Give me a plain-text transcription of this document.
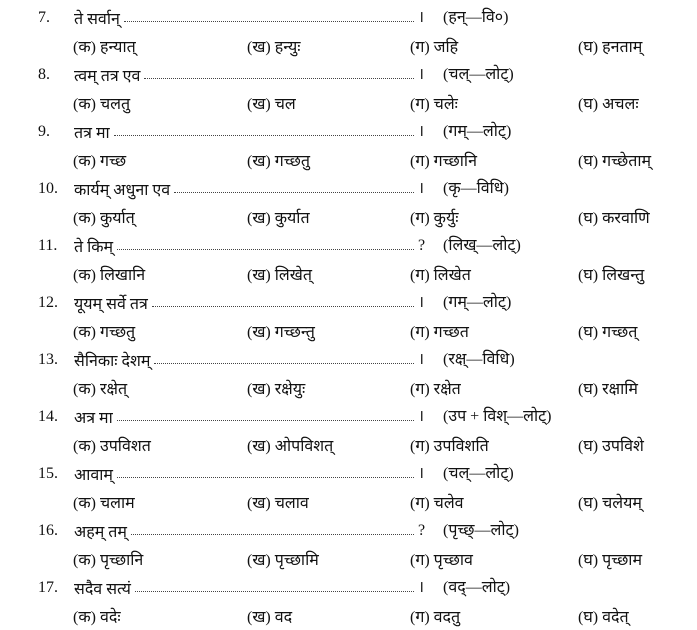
7.	ते सर्वान्	। (हन्—वि०)
(क) हन्यात्	(ख) हन्युः	(ग) जहि	(घ) हनताम्
8.	त्वम् तत्र एव	। (चल्—लोट्)
(क) चलतु	(ख) चल	(ग) चलेः	(घ) अचलः
9.	तत्र मा	। (गम्—लोट्)
(क) गच्छ	(ख) गच्छतु	(ग) गच्छानि	(घ) गच्छेताम्
10.	कार्यम् अधुना एव	। (कृ—विधि)
(क) कुर्यात्	(ख) कुर्यात	(ग) कुर्युः	(घ) करवाणि
11.	ते किम्	? (लिख्—लोट्)
(क) लिखानि	(ख) लिखेत्	(ग) लिखेत	(घ) लिखन्तु
12.	यूयम् सर्वे तत्र	। (गम्—लोट्)
(क) गच्छतु	(ख) गच्छन्तु	(ग) गच्छत	(घ) गच्छत्
13.	सैनिकाः देशम्	। (रक्ष्—विधि)
(क) रक्षेत्	(ख) रक्षेयुः	(ग) रक्षेत	(घ) रक्षामि
14.	अत्र मा	। (उप + विश्—लोट्)
(क) उपविशत	(ख) ओपविशत्	(ग) उपविशति	(घ) उपविशे
15.	आवाम्	। (चल्—लोट्)
(क) चलाम	(ख) चलाव	(ग) चलेव	(घ) चलेयम्
16.	अहम् तम्	? (पृच्छ्—लोट्)
(क) पृच्छानि	(ख) पृच्छामि	(ग) पृच्छाव	(घ) पृच्छाम
17.	सदैव सत्यं	। (वद्—लोट्)
(क) वदेः	(ख) वद	(ग) वदतु	(घ) वदेत्
